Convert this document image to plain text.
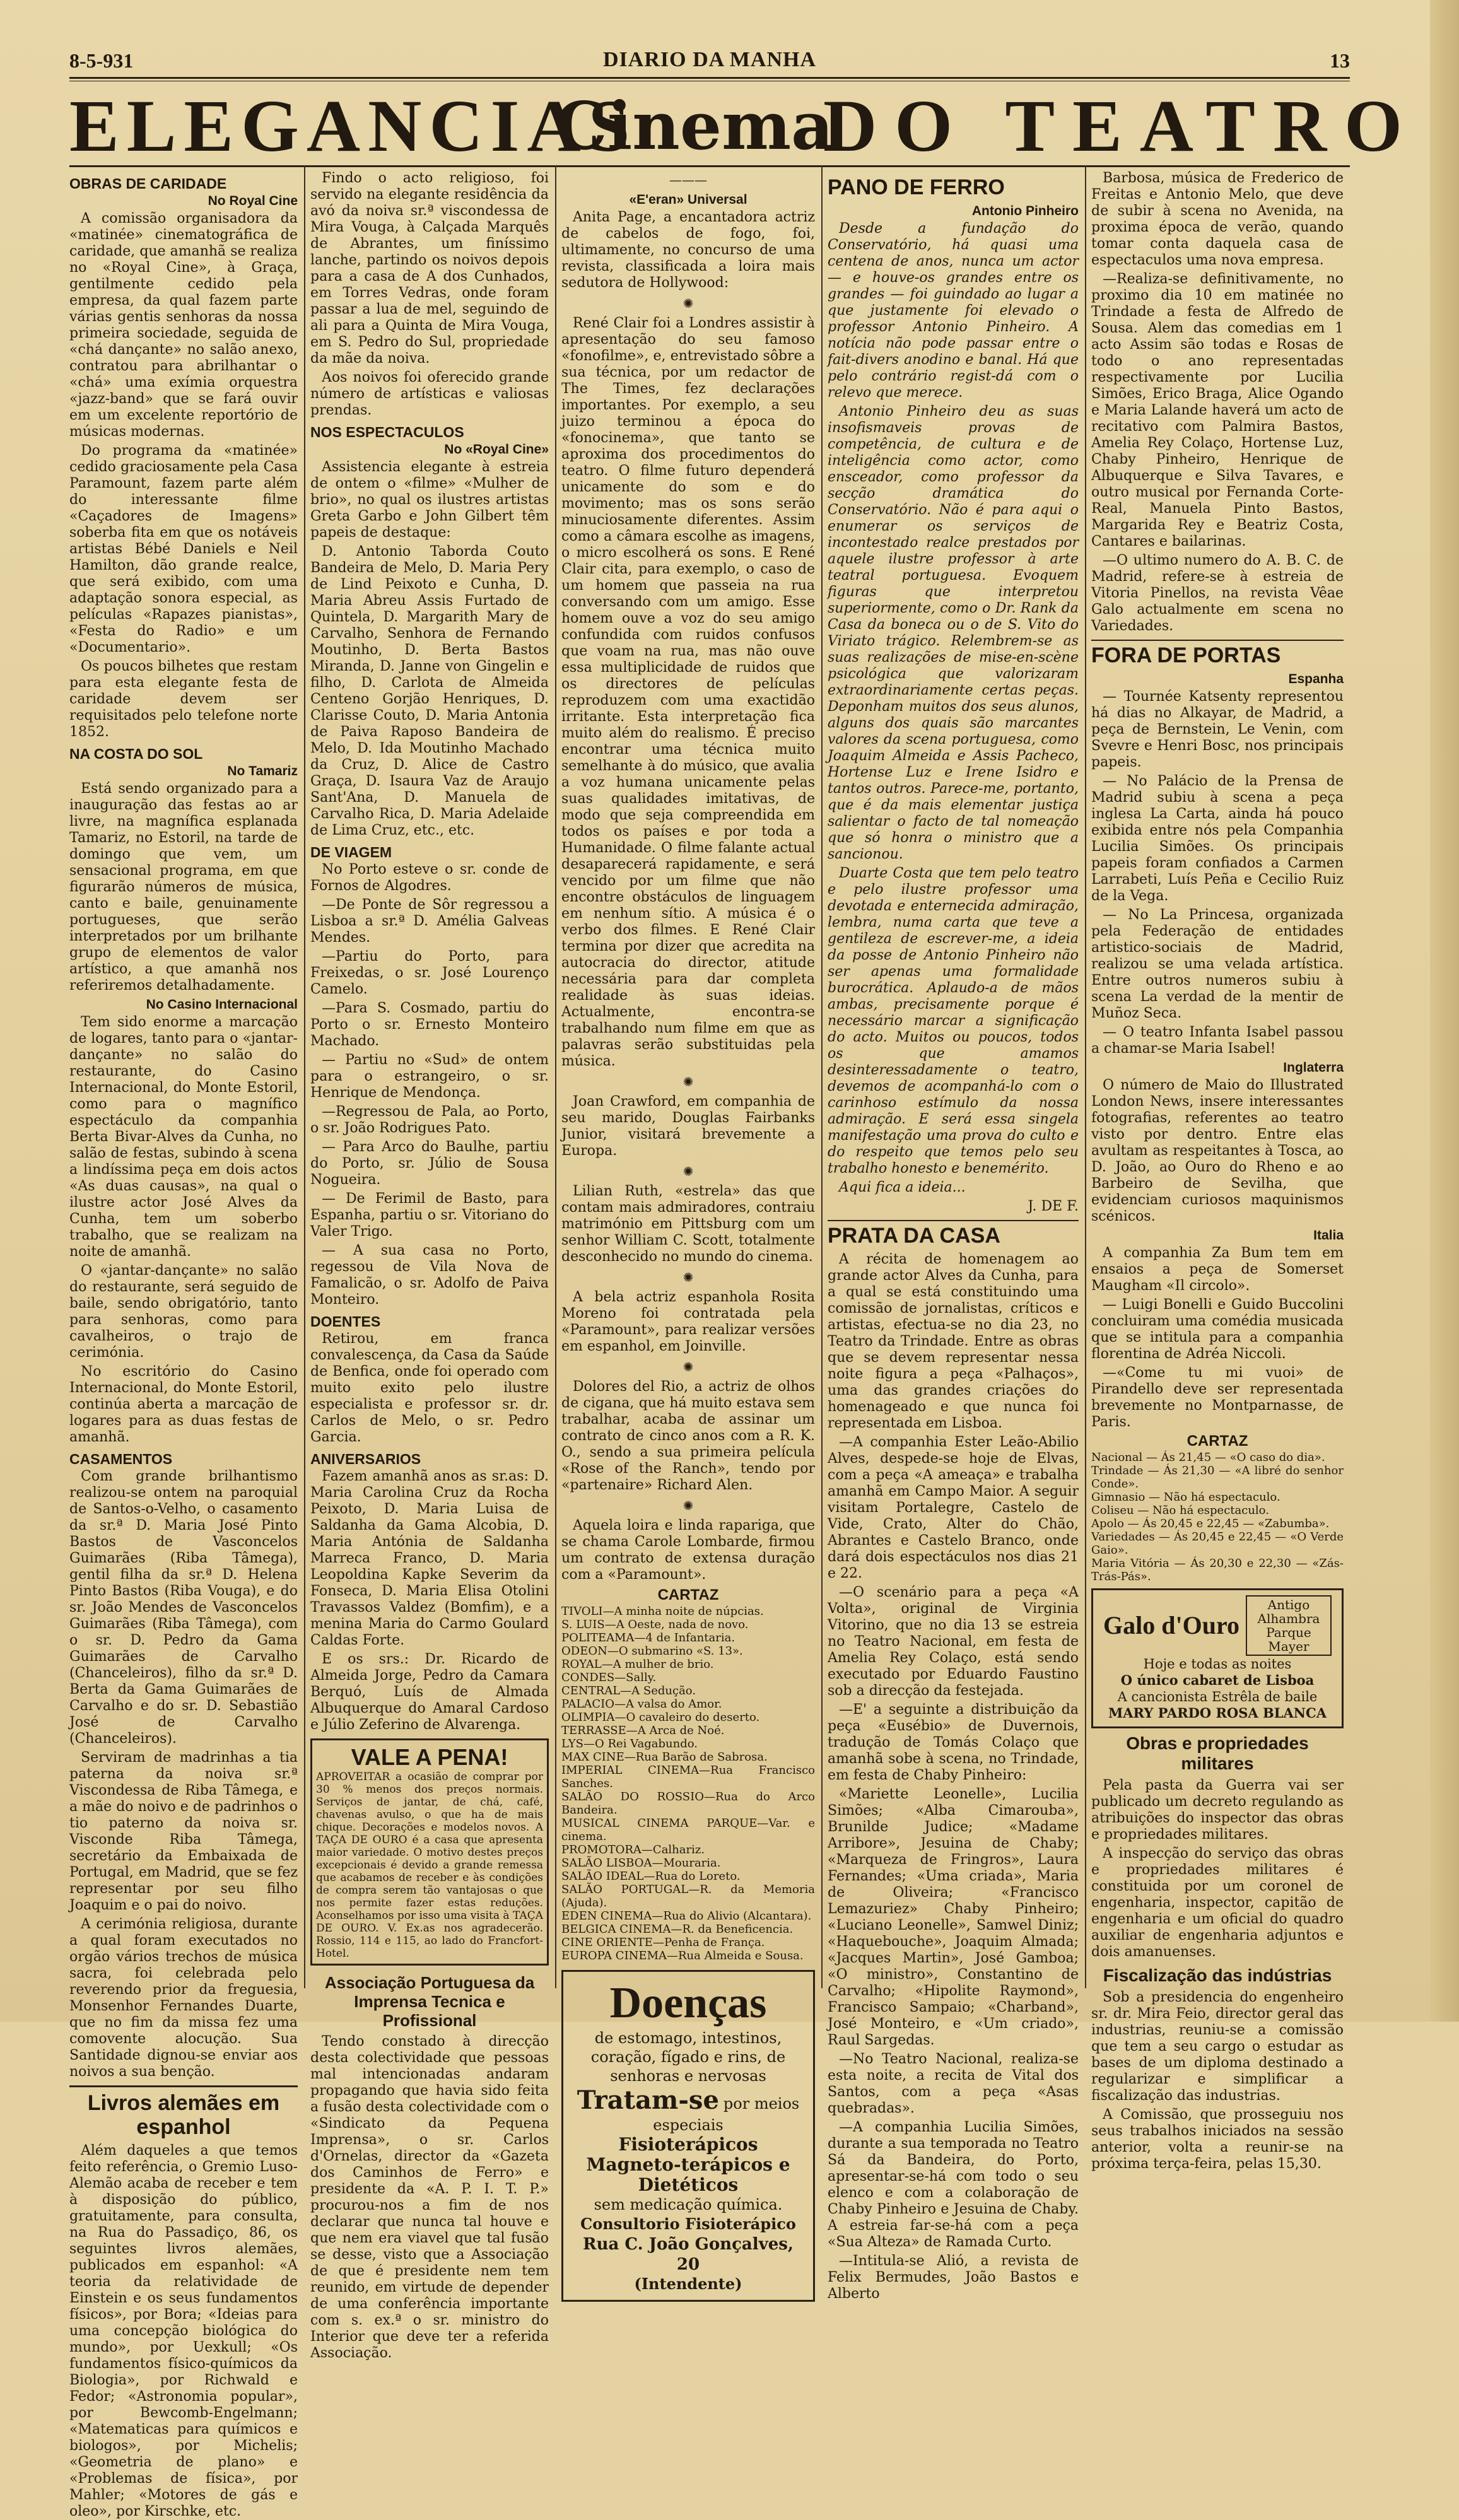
8-5-931	DIARIO DA MANHA	13
ELEGANCIAS
Cinema
DO TEATRO
OBRAS DE CARIDADE
No Royal Cine

A comissão organisadora da «matinée» cinematográfica de caridade, que amanhã se realiza no «Royal Cine», à Graça, gentilmente cedido pela empresa, da qual fazem parte várias gentis senhoras da nossa primeira sociedade, seguida de «chá dançante» no salão anexo, contratou para abrilhantar o «chá» uma exímia orquestra «jazz-band» que se fará ouvir em um excelente reportório de músicas modernas.

Do programa da «matinée» cedido graciosamente pela Casa Paramount, fazem parte além do interessante filme «Caçadores de Imagens» soberba fita em que os notáveis artistas Bébé Daniels e Neil Hamilton, dão grande realce, que será exibido, com uma adaptação sonora especial, as películas «Rapazes pianistas», «Festa do Radio» e um «Documentario».

Os poucos bilhetes que restam para esta elegante festa de caridade devem ser requisitados pelo telefone norte 1852.

NA COSTA DO SOL
No Tamariz

Está sendo organizado para a inauguração das festas ao ar livre, na magnífica esplanada Tamariz, no Estoril, na tarde de domingo que vem, um sensacional programa, em que figurarão números de música, canto e baile, genuinamente portugueses, que serão interpretados por um brilhante grupo de elementos de valor artístico, a que amanhã nos referiremos detalhadamente.

No Casino Internacional

Tem sido enorme a marcação de logares, tanto para o «jantar-dançante» no salão do restaurante, do Casino Internacional, do Monte Estoril, como para o magnífico espectáculo da companhia Berta Bivar-Alves da Cunha, no salão de festas, subindo à scena a lindíssima peça em dois actos «As duas causas», na qual o ilustre actor José Alves da Cunha, tem um soberbo trabalho, que se realizam na noite de amanhã.

O «jantar-dançante» no salão do restaurante, será seguido de baile, sendo obrigatório, tanto para senhoras, como para cavalheiros, o trajo de cerimónia.

No escritório do Casino Internacional, do Monte Estoril, continúa aberta a marcação de logares para as duas festas de amanhã.

CASAMENTOS

Com grande brilhantismo realizou-se ontem na paroquial de Santos-o-Velho, o casamento da sr.ª D. Maria José Pinto Bastos de Vasconcelos Guimarães (Riba Tâmega), gentil filha da sr.ª D. Helena Pinto Bastos (Riba Vouga), e do sr. João Mendes de Vasconcelos Guimarães (Riba Tâmega), com o sr. D. Pedro da Gama Guimarães de Carvalho (Chanceleiros), filho da sr.ª D. Berta da Gama Guimarães de Carvalho e do sr. D. Sebastião José de Carvalho (Chanceleiros).

Serviram de madrinhas a tia paterna da noiva sr.ª Viscondessa de Riba Tâmega, e a mãe do noivo e de padrinhos o tio paterno da noiva sr. Visconde Riba Tâmega, secretário da Embaixada de Portugal, em Madrid, que se fez representar por seu filho Joaquim e o pai do noivo.

A cerimónia religiosa, durante a qual foram executados no orgão vários trechos de música sacra, foi celebrada pelo reverendo prior da freguesia, Monsenhor Fernandes Duarte, que no fim da missa fez uma comovente alocução. Sua Santidade dignou-se enviar aos noivos a sua benção.

Livros alemães em espanhol

Além daqueles a que temos feito referência, o Gremio Luso-Alemão acaba de receber e tem à disposição do público, gratuitamente, para consulta, na Rua do Passadiço, 86, os seguintes livros alemães, publicados em espanhol: «A teoria da relatividade de Einstein e os seus fundamentos físicos», por Bora; «Ideias para uma concepção biológica do mundo», por Uexkull; «Os fundamentos físico-químicos da Biologia», por Richwald e Fedor; «Astronomia popular», por Bewcomb-Engelmann; «Matematicas para químicos e biologos», por Michelis; «Geometria de plano» e «Problemas de física», por Mahler; «Motores de gás e oleo», por Kirschke, etc.

Findo o acto religioso, foi servido na elegante residência da avó da noiva sr.ª viscondessa de Mira Vouga, à Calçada Marquês de Abrantes, um finíssimo lanche, partindo os noivos depois para a casa de A dos Cunhados, em Torres Vedras, onde foram passar a lua de mel, seguindo de ali para a Quinta de Mira Vouga, em S. Pedro do Sul, propriedade da mãe da noiva.

Aos noivos foi oferecido grande número de artísticas e valiosas prendas.

NOS ESPECTACULOS
No «Royal Cine»

Assistencia elegante à estreia de ontem o «filme» «Mulher de brio», no qual os ilustres artistas Greta Garbo e John Gilbert têm papeis de destaque:

D. Antonio Taborda Couto Bandeira de Melo, D. Maria Pery de Lind Peixoto e Cunha, D. Maria Abreu Assis Furtado de Quintela, D. Margarith Mary de Carvalho, Senhora de Fernando Moutinho, D. Berta Bastos Miranda, D. Janne von Gingelin e filho, D. Carlota de Almeida Centeno Gorjão Henriques, D. Clarisse Couto, D. Maria Antonia de Paiva Raposo Bandeira de Melo, D. Ida Moutinho Machado da Cruz, D. Alice de Castro Graça, D. Isaura Vaz de Araujo Sant'Ana, D. Manuela de Carvalho Rica, D. Maria Adelaide de Lima Cruz, etc., etc.

DE VIAGEM

No Porto esteve o sr. conde de Fornos de Algodres.

—De Ponte de Sôr regressou a Lisboa a sr.ª D. Amélia Galveas Mendes.

—Partiu do Porto, para Freixedas, o sr. José Lourenço Camelo.

—Para S. Cosmado, partiu do Porto o sr. Ernesto Monteiro Machado.

— Partiu no «Sud» de ontem para o estrangeiro, o sr. Henrique de Mendonça.

—Regressou de Pala, ao Porto, o sr. João Rodrigues Pato.

— Para Arco do Baulhe, partiu do Porto, sr. Júlio de Sousa Nogueira.

— De Ferimil de Basto, para Espanha, partiu o sr. Vitoriano do Valer Trigo.

— A sua casa no Porto, regessou de Vila Nova de Famalicão, o sr. Adolfo de Paiva Monteiro.

DOENTES

Retirou, em franca convalescença, da Casa da Saúde de Benfica, onde foi operado com muito exito pelo ilustre especialista e professor sr. dr. Carlos de Melo, o sr. Pedro Garcia.

ANIVERSARIOS

Fazem amanhã anos as sr.as: D. Maria Carolina Cruz da Rocha Peixoto, D. Maria Luisa de Saldanha da Gama Alcobia, D. Maria Antónia de Saldanha Marreca Franco, D. Maria Leopoldina Kapke Severim da Fonseca, D. Maria Elisa Otolini Travassos Valdez (Bomfim), e a menina Maria do Carmo Goulard Caldas Forte.

E os srs.: Dr. Ricardo de Almeida Jorge, Pedro da Camara Berquó, Luís de Almada Albuquerque do Amaral Cardoso e Júlio Zeferino de Alvarenga.

VALE A PENA!
APROVEITAR a ocasião de comprar por 30 % menos dos preços normais. Serviços de jantar, de chá, café, chavenas avulso, o que ha de mais chique. Decorações e modelos novos. A TAÇA DE OURO é a casa que apresenta maior variedade. O motivo destes preços excepcionais é devido a grande remessa que acabamos de receber e às condições de compra serem tão vantajosas o que nos permite fazer estas reduções. Aconselhamos por isso uma visita à TAÇA DE OURO. V. Ex.as nos agradecerão. Rossio, 114 e 115, ao lado do Francfort-Hotel.
Associação Portuguesa da Imprensa Tecnica e Profissional

Tendo constado à direcção desta colectividade que pessoas mal intencionadas andaram propagando que havia sido feita a fusão desta colectividade com o «Sindicato da Pequena Imprensa», o sr. Carlos d'Ornelas, director da «Gazeta dos Caminhos de Ferro» e presidente da «A. P. I. T. P.» procurou-nos a fim de nos declarar que nunca tal houve e que nem era viavel que tal fusão se desse, visto que a Associação de que é presidente nem tem reunido, em virtude de depender de uma conferência importante com s. ex.ª o sr. ministro do Interior que deve ter a referida Associação.

———
«E'eran» Universal

Anita Page, a encantadora actriz de cabelos de fogo, foi, ultimamente, no concurso de uma revista, classificada a loira mais sedutora de Hollywood:

✺

René Clair foi a Londres assistir à apresentação do seu famoso «fonofilme», e, entrevistado sôbre a sua técnica, por um redactor de The Times, fez declarações importantes. Por exemplo, a seu juizo terminou a época do «fonocinema», que tanto se aproxima dos procedimentos do teatro. O filme futuro dependerá unicamente do som e do movimento; mas os sons serão minuciosamente diferentes. Assim como a câmara escolhe as imagens, o micro escolherá os sons. E René Clair cita, para exemplo, o caso de um homem que passeia na rua conversando com um amigo. Esse homem ouve a voz do seu amigo confundida com ruidos confusos que voam na rua, mas não ouve essa multiplicidade de ruidos que os directores de películas reproduzem com uma exactidão irritante. Esta interpretação fica muito além do realismo. É preciso encontrar uma técnica muito semelhante à do músico, que avalia a voz humana unicamente pelas suas qualidades imitativas, de modo que seja compreendida em todos os países e por toda a Humanidade. O filme falante actual desaparecerá rapidamente, e será vencido por um filme que não encontre obstáculos de linguagem em nenhum sítio. A música é o verbo dos filmes. E René Clair termina por dizer que acredita na autocracia do director, atitude necessária para dar completa realidade às suas ideias. Actualmente, encontra-se trabalhando num filme em que as palavras serão substituidas pela música.

✺

Joan Crawford, em companhia de seu marido, Douglas Fairbanks Junior, visitará brevemente a Europa.

✺

Lilian Ruth, «estrela» das que contam mais admiradores, contraiu matrimónio em Pittsburg com um senhor William C. Scott, totalmente desconhecido no mundo do cinema.

✺

A bela actriz espanhola Rosita Moreno foi contratada pela «Paramount», para realizar versões em espanhol, em Joinville.

✺

Dolores del Rio, a actriz de olhos de cigana, que há muito estava sem trabalhar, acaba de assinar um contrato de cinco anos com a R. K. O., sendo a sua primeira película «Rose of the Ranch», tendo por «partenaire» Richard Alen.

✺

Aquela loira e linda rapariga, que se chama Carole Lombarde, firmou um contrato de extensa duração com a «Paramount».

CARTAZ
TIVOLI—A minha noite de núpcias.
S. LUIS—A Oeste, nada de novo.
POLITEAMA—4 de Infantaria.
ODEON—O submarino «S. 13».
ROYAL—A mulher de brio.
CONDES—Sally.
CENTRAL—A Sedução.
PALACIO—A valsa do Amor.
OLIMPIA—O cavaleiro do deserto.
TERRASSE—A Arca de Noé.
LYS—O Rei Vagabundo.
MAX CINE—Rua Barão de Sabrosa.
IMPERIAL CINEMA—Rua Francisco Sanches.
SALÃO DO ROSSIO—Rua do Arco Bandeira.
MUSICAL CINEMA PARQUE—Var. e cinema.
PROMOTORA—Calhariz.
SALÃO LISBOA—Mouraria.
SALÃO IDEAL—Rua do Loreto.
SALÃO PORTUGAL—R. da Memoria (Ajuda).
EDEN CINEMA—Rua do Alivio (Alcantara).
BELGICA CINEMA—R. da Beneficencia.
CINE ORIENTE—Penha de França.
EUROPA CINEMA—Rua Almeida e Sousa.
Doenças
de estomago, intestinos, coração, fígado e rins, de senhoras e nervosas
Tratam-se por meios especiais
Fisioterápicos Magneto-terápicos e Dietéticos
sem medicação química.
Consultorio Fisioterápico
Rua C. João Gonçalves, 20
(Intendente)
PANO DE FERRO
Antonio Pinheiro

Desde a fundação do Conservatório, há quasi uma centena de anos, nunca um actor — e houve-os grandes entre os grandes — foi guindado ao lugar a que justamente foi elevado o professor Antonio Pinheiro. A notícia não pode passar entre o fait-divers anodino e banal. Há que pelo contrário regist-dá com o relevo que merece.

Antonio Pinheiro deu as suas insofismaveis provas de competência, de cultura e de inteligência como actor, como ensceador, como professor da secção dramática do Conservatório. Não é para aqui o enumerar os serviços de incontestado realce prestados por aquele ilustre professor à arte teatral portuguesa. Evoquem figuras que interpretou superiormente, como o Dr. Rank da Casa da boneca ou o de S. Vito do Viriato trágico. Relembrem-se as suas realizações de mise-en-scène psicológica que valorizaram extraordinariamente certas peças. Deponham muitos dos seus alunos, alguns dos quais são marcantes valores da scena portuguesa, como Joaquim Almeida e Assis Pacheco, Hortense Luz e Irene Isidro e tantos outros. Parece-me, portanto, que é da mais elementar justiça salientar o facto de tal nomeação que só honra o ministro que a sancionou.

Duarte Costa que tem pelo teatro e pelo ilustre professor uma devotada e enternecida admiração, lembra, numa carta que teve a gentileza de escrever-me, a ideia da posse de Antonio Pinheiro não ser apenas uma formalidade burocrática. Aplaudo-a de mãos ambas, precisamente porque é necessário marcar a significação do acto. Muitos ou poucos, todos os que amamos desinteressadamente o teatro, devemos de acompanhá-lo com o carinhoso estímulo da nossa admiração. E será essa singela manifestação uma prova do culto e do respeito que temos pelo seu trabalho honesto e benemérito.

Aqui fica a ideia...

J. DE F.
PRATA DA CASA

A récita de homenagem ao grande actor Alves da Cunha, para a qual se está constituindo uma comissão de jornalistas, críticos e artistas, efectua-se no dia 23, no Teatro da Trindade. Entre as obras que se devem representar nessa noite figura a peça «Palhaços», uma das grandes criações do homenageado e que nunca foi representada em Lisboa.

—A companhia Ester Leão-Abilio Alves, despede-se hoje de Elvas, com a peça «A ameaça» e trabalha amanhã em Campo Maior. A seguir visitam Portalegre, Castelo de Vide, Crato, Alter do Chão, Abrantes e Castelo Branco, onde dará dois espectáculos nos dias 21 e 22.

—O scenário para a peça «A Volta», original de Virginia Vitorino, que no dia 13 se estreia no Teatro Nacional, em festa de Amelia Rey Colaço, está sendo executado por Eduardo Faustino sob a direcção da festejada.

—E' a seguinte a distribuição da peça «Eusébio» de Duvernois, tradução de Tomás Colaço que amanhã sobe à scena, no Trindade, em festa de Chaby Pinheiro:

«Mariette Leonelle», Lucilia Simões; «Alba Cimarouba», Brunilde Judice; «Madame Arribore», Jesuina de Chaby; «Marqueza de Fringros», Laura Fernandes; «Uma criada», Maria de Oliveira; «Francisco Lemazuriez» Chaby Pinheiro; «Luciano Leonelle», Samwel Diniz; «Haquebouche», Joaquim Almada; «Jacques Martin», José Gamboa; «O ministro», Constantino de Carvalho; «Hipolite Raymond», Francisco Sampaio; «Charband», José Monteiro, e «Um criado», Raul Sargedas.

—No Teatro Nacional, realiza-se esta noite, a recita de Vital dos Santos, com a peça «Asas quebradas».

—A companhia Lucilia Simões, durante a sua temporada no Teatro Sá da Bandeira, do Porto, apresentar-se-há com todo o seu elenco e com a colaboração de Chaby Pinheiro e Jesuina de Chaby. A estreia far-se-há com a peça «Sua Alteza» de Ramada Curto.

—Intitula-se Alió, a revista de Felix Bermudes, João Bastos e Alberto

Barbosa, música de Frederico de Freitas e Antonio Melo, que deve de subir à scena no Avenida, na proxima época de verão, quando tomar conta daquela casa de espectaculos uma nova empresa.

—Realiza-se definitivamente, no proximo dia 10 em matinée no Trindade a festa de Alfredo de Sousa. Alem das comedias em 1 acto Assim são todas e Rosas de todo o ano representadas respectivamente por Lucilia Simões, Erico Braga, Alice Ogando e Maria Lalande haverá um acto de recitativo com Palmira Bastos, Amelia Rey Colaço, Hortense Luz, Chaby Pinheiro, Henrique de Albuquerque e Silva Tavares, e outro musical por Fernanda Corte-Real, Manuela Pinto Bastos, Margarida Rey e Beatriz Costa, Cantares e bailarinas.

—O ultimo numero do A. B. C. de Madrid, refere-se à estreia de Vitoria Pinellos, na revista Vêae Galo actualmente em scena no Variedades.

FORA DE PORTAS
Espanha

— Tournée Katsenty representou há dias no Alkayar, de Madrid, a peça de Bernstein, Le Venin, com Svevre e Henri Bosc, nos principais papeis.

— No Palácio de la Prensa de Madrid subiu à scena a peça inglesa La Carta, ainda há pouco exibida entre nós pela Companhia Lucilia Simões. Os principais papeis foram confiados a Carmen Larrabeti, Luís Peña e Cecilio Ruiz de la Vega.

— No La Princesa, organizada pela Federação de entidades artistico-sociais de Madrid, realizou se uma velada artística. Entre outros numeros subiu à scena La verdad de la mentir de Muñoz Seca.

— O teatro Infanta Isabel passou a chamar-se Maria Isabel!

Inglaterra

O número de Maio do Illustrated London News, insere interessantes fotografias, referentes ao teatro visto por dentro. Entre elas avultam as respeitantes à Tosca, ao D. João, ao Ouro do Rheno e ao Barbeiro de Sevilha, que evidenciam curiosos maquinismos scénicos.

Italia

A companhia Za Bum tem em ensaios a peça de Somerset Maugham «Il circolo».

— Luigi Bonelli e Guido Buccolini concluiram uma comédia musicada que se intitula para a companhia florentina de Adréa Niccoli.

—«Come tu mi vuoi» de Pirandello deve ser representada brevemente no Montparnasse, de Paris.

CARTAZ
Nacional — Ás 21,45 — «O caso do dia».
Trindade — Ás 21,30 — «A libré do senhor Conde».
Gimnasio — Não há espectaculo.
Coliseu — Não há espectaculo.
Apolo — Ás 20,45 e 22,45 — «Zabumba».
Variedades — Ás 20,45 e 22,45 — «O Verde Gaio».
Maria Vitória — Ás 20,30 e 22,30 — «Zás-Trás-Pás».
Galo d'Ouro
Antigo Alhambra Parque Mayer
Hoje e todas as noites
O único cabaret de Lisboa
A cancionista Estrêla de baile
MARY PARDO ROSA BLANCA
Obras e propriedades militares

Pela pasta da Guerra vai ser publicado um decreto regulando as atribuições do inspector das obras e propriedades militares.

A inspecção do serviço das obras e propriedades militares é constituida por um coronel de engenharia, inspector, capitão de engenharia e um oficial do quadro auxiliar de engenharia adjuntos e dois amanuenses.

Fiscalização das indústrias

Sob a presidencia do engenheiro sr. dr. Mira Feio, director geral das industrias, reuniu-se a comissão que tem a seu cargo o estudar as bases de um diploma destinado a regularizar e simplificar a fiscalização das industrias.

A Comissão, que prosseguiu nos seus trabalhos iniciados na sessão anterior, volta a reunir-se na próxima terça-feira, pelas 15,30.
